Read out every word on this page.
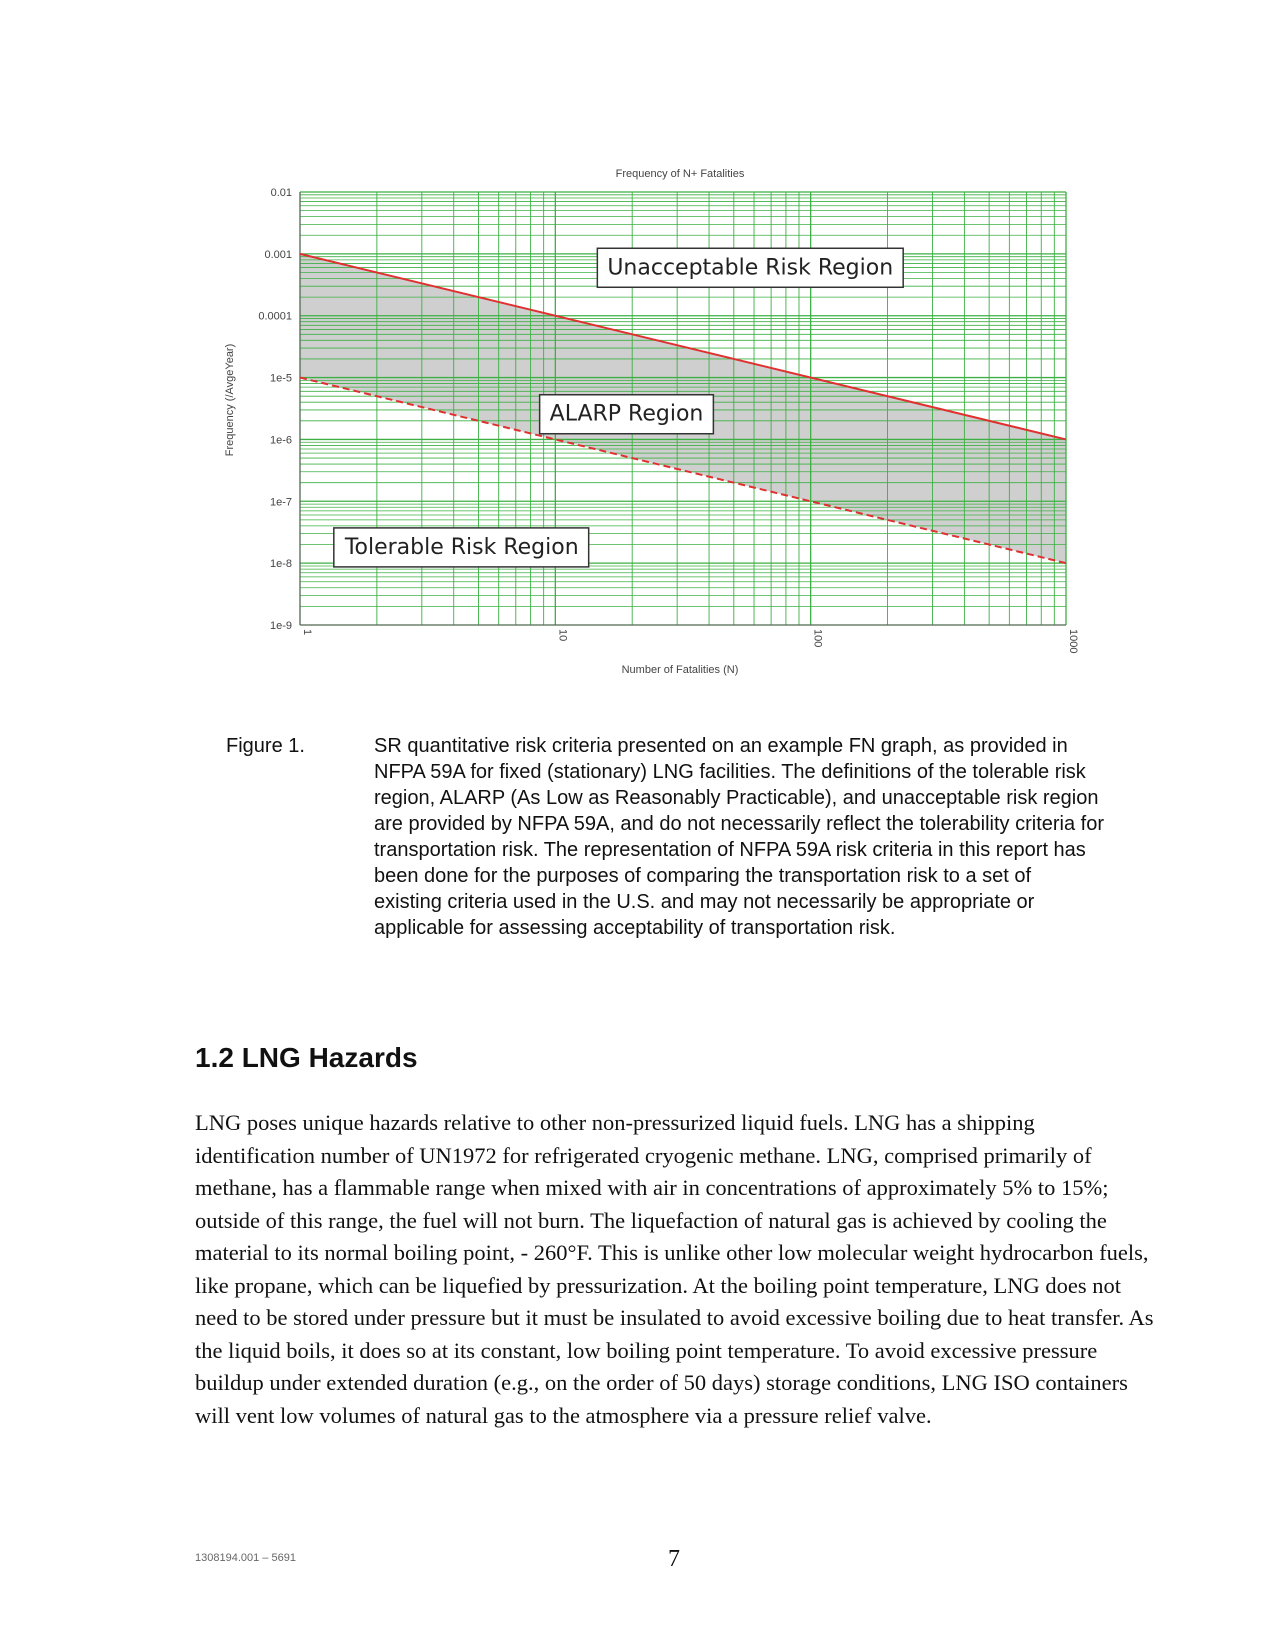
0.01
0.001
0.0001
1e-5
1e-6
1e-7
1e-8
1e-9
1	10	100	1000
Frequency of N+ Fatalities
Number of Fatalities (N)
Frequency (/AvgeYear)
Unacceptable Risk Region
ALARP Region
Tolerable Risk Region
Figure 1.	SR quantitative risk criteria presented on an example FN graph, as provided in NFPA 59A for fixed (stationary) LNG facilities. The definitions of the tolerable risk region, ALARP (As Low as Reasonably Practicable), and unacceptable risk region are provided by NFPA 59A, and do not necessarily reflect the tolerability criteria for transportation risk. The representation of NFPA 59A risk criteria in this report has been done for the purposes of comparing the transportation risk to a set of existing criteria used in the U.S. and may not necessarily be appropriate or applicable for assessing acceptability of transportation risk.
1.2 LNG Hazards

LNG poses unique hazards relative to other non-pressurized liquid fuels. LNG has a shipping identification number of UN1972 for refrigerated cryogenic methane. LNG, comprised primarily of methane, has a flammable range when mixed with air in concentrations of approximately 5% to 15%; outside of this range, the fuel will not burn. The liquefaction of natural gas is achieved by cooling the material to its normal boiling point, - 260°F. This is unlike other low molecular weight hydrocarbon fuels, like propane, which can be liquefied by pressurization. At the boiling point temperature, LNG does not need to be stored under pressure but it must be insulated to avoid excessive boiling due to heat transfer. As the liquid boils, it does so at its constant, low boiling point temperature. To avoid excessive pressure buildup under extended duration (e.g., on the order of 50 days) storage conditions, LNG ISO containers will vent low volumes of natural gas to the atmosphere via a pressure relief valve.

1308194.001 – 5691	7
